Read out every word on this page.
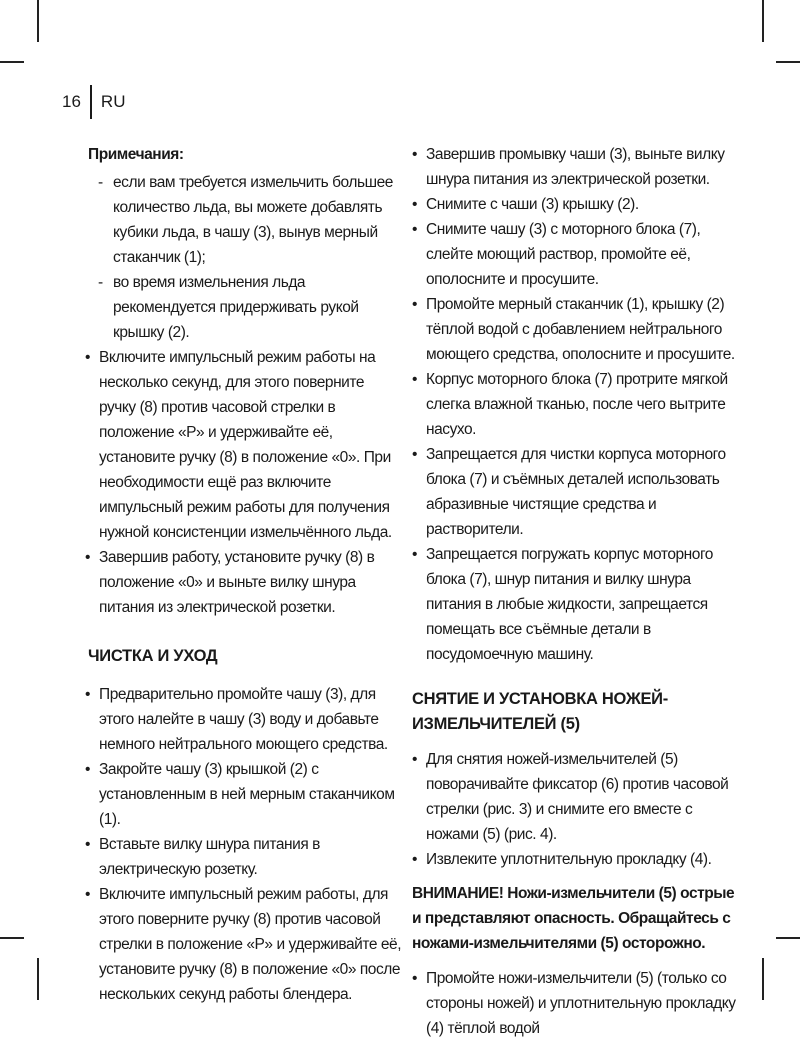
16	RU

Примечания:

- если вам требуется измельчить большее количество льда, вы можете добавлять кубики льда, в чашу (3), вынув мерный стаканчик (1);
- во время измельнения льда рекомендуется придерживать рукой крышку (2).
• Включите импульсный режим работы на несколько секунд, для этого поверните ручку (8) против часовой стрелки в положение «P» и удерживайте её, установите ручку (8) в положение «0». При необходимости ещё раз включите импульсный режим работы для получения нужной консистенции измельчённого льда.
• Завершив работу, установите ручку (8) в положение «0» и выньте вилку шнура питания из электрической розетки.
ЧИСТКА И УХОД
• Предварительно промойте чашу (3), для этого налейте в чашу (3) воду и добавьте немного нейтрального моющего средства.
• Закройте чашу (3) крышкой (2) с установленным в ней мерным стаканчиком (1).
• Вставьте вилку шнура питания в электрическую розетку.
• Включите импульсный режим работы, для этого поверните ручку (8) против часовой стрелки в положение «P» и удерживайте её, установите ручку (8) в положение «0» после нескольких секунд работы блендера.
• Завершив промывку чаши (3), выньте вилку шнура питания из электрической розетки.
• Снимите с чаши (3) крышку (2).
• Снимите чашу (3) с моторного блока (7), слейте моющий раствор, промойте её, ополосните и просушите.
• Промойте мерный стаканчик (1), крышку (2) тёплой водой с добавлением нейтрального моющего средства, ополосните и просушите.
• Корпус моторного блока (7) протрите мягкой слегка влажной тканью, после чего вытрите насухо.
• Запрещается для чистки корпуса моторного блока (7) и съёмных деталей использовать абразивные чистящие средства и растворители.
• Запрещается погружать корпус моторного блока (7), шнур питания и вилку шнура питания в любые жидкости, запрещается помещать все съёмные детали в посудомоечную машину.
СНЯТИЕ И УСТАНОВКА НОЖЕЙ-ИЗМЕЛЬЧИТЕЛЕЙ (5)
• Для снятия ножей-измельчителей (5) поворачивайте фиксатор (6) против часовой стрелки (рис. 3) и снимите его вместе с ножами (5) (рис. 4).
• Извлеките уплотнительную прокладку (4).

ВНИМАНИЕ! Ножи-измельчители (5) острые и представляют опасность. Обращайтесь с ножами-измельчителями (5) осторожно.

• Промойте ножи-измельчители (5) (только со стороны ножей) и уплотнительную прокладку (4) тёплой водой
